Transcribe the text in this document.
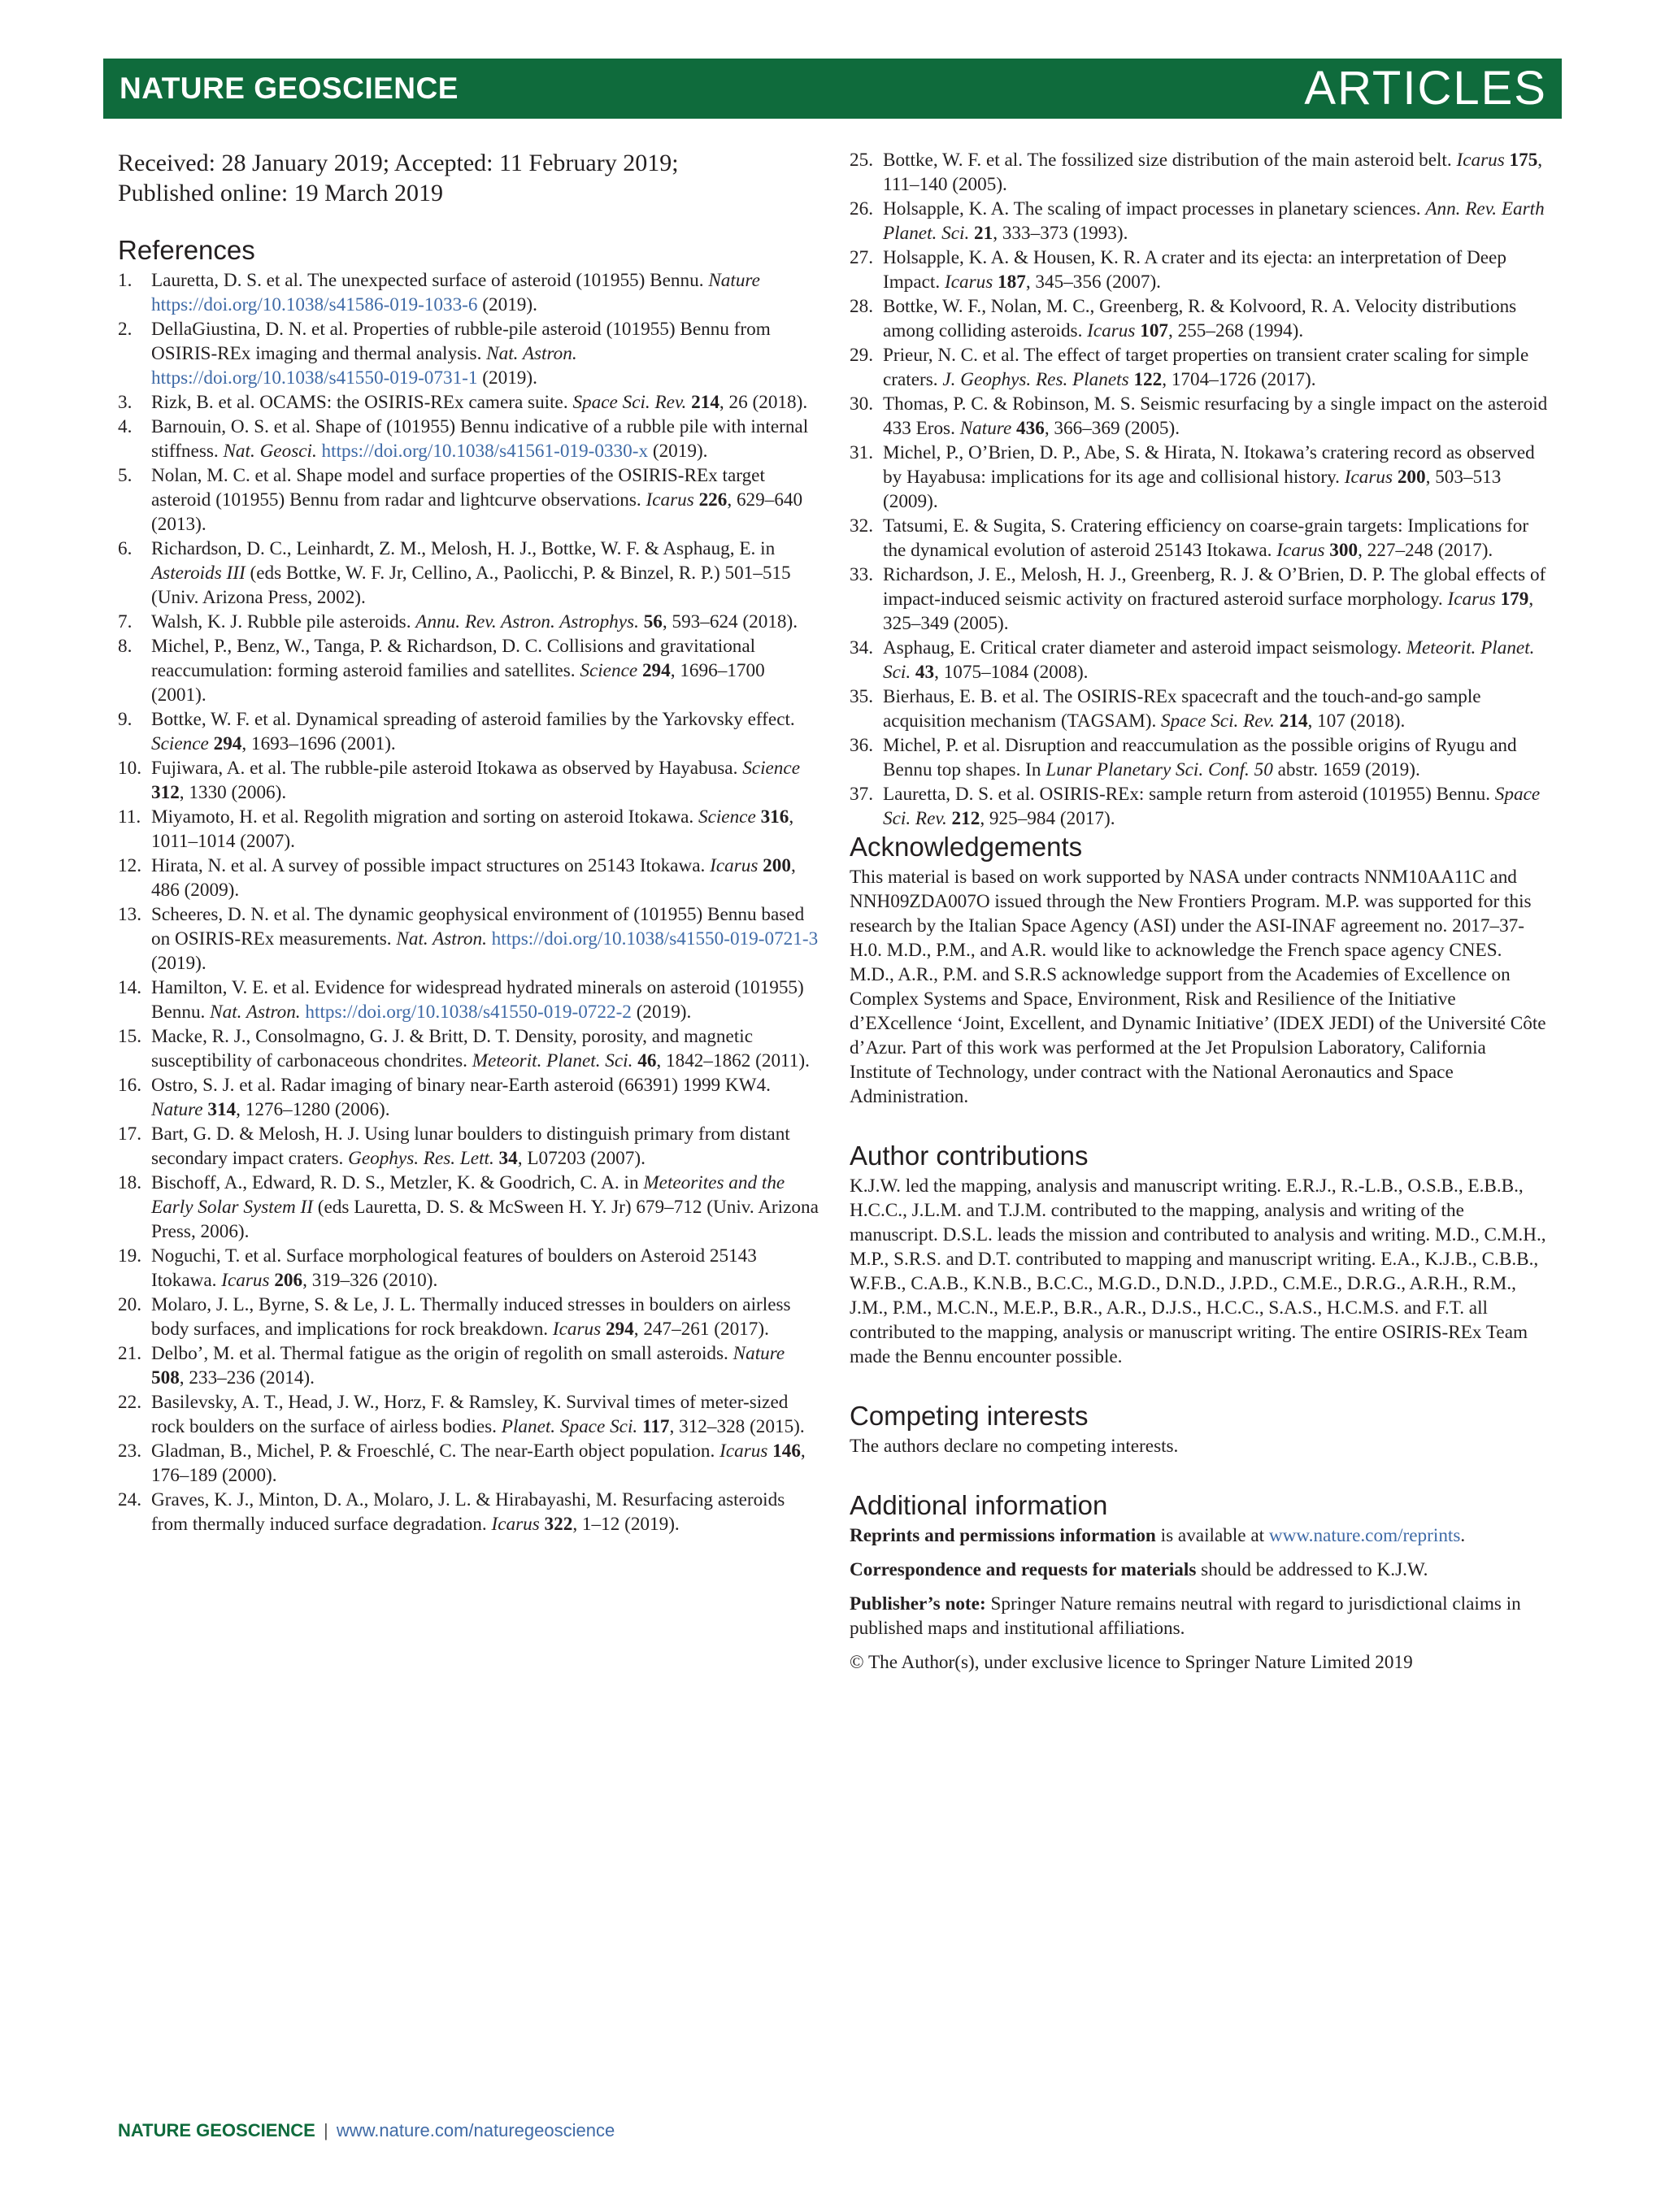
NATURE GEOSCIENCE	ARTICLES
Received: 28 January 2019; Accepted: 11 February 2019;
Published online: 19 March 2019
References
1. Lauretta, D. S. et al. The unexpected surface of asteroid (101955) Bennu. Nature https://doi.org/10.1038/s41586-019-1033-6 (2019).
2. DellaGiustina, D. N. et al. Properties of rubble-pile asteroid (101955) Bennu from OSIRIS-REx imaging and thermal analysis. Nat. Astron. https://doi.org/10.1038/s41550-019-0731-1 (2019).
3. Rizk, B. et al. OCAMS: the OSIRIS-REx camera suite. Space Sci. Rev. 214, 26 (2018).
4. Barnouin, O. S. et al. Shape of (101955) Bennu indicative of a rubble pile with internal stiffness. Nat. Geosci. https://doi.org/10.1038/s41561-019-0330-x (2019).
5. Nolan, M. C. et al. Shape model and surface properties of the OSIRIS-REx target asteroid (101955) Bennu from radar and lightcurve observations. Icarus 226, 629–640 (2013).
6. Richardson, D. C., Leinhardt, Z. M., Melosh, H. J., Bottke, W. F. & Asphaug, E. in Asteroids III (eds Bottke, W. F. Jr, Cellino, A., Paolicchi, P. & Binzel, R. P.) 501–515 (Univ. Arizona Press, 2002).
7. Walsh, K. J. Rubble pile asteroids. Annu. Rev. Astron. Astrophys. 56, 593–624 (2018).
8. Michel, P., Benz, W., Tanga, P. & Richardson, D. C. Collisions and gravitational reaccumulation: forming asteroid families and satellites. Science 294, 1696–1700 (2001).
9. Bottke, W. F. et al. Dynamical spreading of asteroid families by the Yarkovsky effect. Science 294, 1693–1696 (2001).
10. Fujiwara, A. et al. The rubble-pile asteroid Itokawa as observed by Hayabusa. Science 312, 1330 (2006).
11. Miyamoto, H. et al. Regolith migration and sorting on asteroid Itokawa. Science 316, 1011–1014 (2007).
12. Hirata, N. et al. A survey of possible impact structures on 25143 Itokawa. Icarus 200, 486 (2009).
13. Scheeres, D. N. et al. The dynamic geophysical environment of (101955) Bennu based on OSIRIS-REx measurements. Nat. Astron. https://doi.org/10.1038/s41550-019-0721-3 (2019).
14. Hamilton, V. E. et al. Evidence for widespread hydrated minerals on asteroid (101955) Bennu. Nat. Astron. https://doi.org/10.1038/s41550-019-0722-2 (2019).
15. Macke, R. J., Consolmagno, G. J. & Britt, D. T. Density, porosity, and magnetic susceptibility of carbonaceous chondrites. Meteorit. Planet. Sci. 46, 1842–1862 (2011).
16. Ostro, S. J. et al. Radar imaging of binary near-Earth asteroid (66391) 1999 KW4. Nature 314, 1276–1280 (2006).
17. Bart, G. D. & Melosh, H. J. Using lunar boulders to distinguish primary from distant secondary impact craters. Geophys. Res. Lett. 34, L07203 (2007).
18. Bischoff, A., Edward, R. D. S., Metzler, K. & Goodrich, C. A. in Meteorites and the Early Solar System II (eds Lauretta, D. S. & McSween H. Y. Jr) 679–712 (Univ. Arizona Press, 2006).
19. Noguchi, T. et al. Surface morphological features of boulders on Asteroid 25143 Itokawa. Icarus 206, 319–326 (2010).
20. Molaro, J. L., Byrne, S. & Le, J. L. Thermally induced stresses in boulders on airless body surfaces, and implications for rock breakdown. Icarus 294, 247–261 (2017).
21. Delbo’, M. et al. Thermal fatigue as the origin of regolith on small asteroids. Nature 508, 233–236 (2014).
22. Basilevsky, A. T., Head, J. W., Horz, F. & Ramsley, K. Survival times of meter-sized rock boulders on the surface of airless bodies. Planet. Space Sci. 117, 312–328 (2015).
23. Gladman, B., Michel, P. & Froeschlé, C. The near-Earth object population. Icarus 146, 176–189 (2000).
24. Graves, K. J., Minton, D. A., Molaro, J. L. & Hirabayashi, M. Resurfacing asteroids from thermally induced surface degradation. Icarus 322, 1–12 (2019).
25. Bottke, W. F. et al. The fossilized size distribution of the main asteroid belt. Icarus 175, 111–140 (2005).
26. Holsapple, K. A. The scaling of impact processes in planetary sciences. Ann. Rev. Earth Planet. Sci. 21, 333–373 (1993).
27. Holsapple, K. A. & Housen, K. R. A crater and its ejecta: an interpretation of Deep Impact. Icarus 187, 345–356 (2007).
28. Bottke, W. F., Nolan, M. C., Greenberg, R. & Kolvoord, R. A. Velocity distributions among colliding asteroids. Icarus 107, 255–268 (1994).
29. Prieur, N. C. et al. The effect of target properties on transient crater scaling for simple craters. J. Geophys. Res. Planets 122, 1704–1726 (2017).
30. Thomas, P. C. & Robinson, M. S. Seismic resurfacing by a single impact on the asteroid 433 Eros. Nature 436, 366–369 (2005).
31. Michel, P., O’Brien, D. P., Abe, S. & Hirata, N. Itokawa’s cratering record as observed by Hayabusa: implications for its age and collisional history. Icarus 200, 503–513 (2009).
32. Tatsumi, E. & Sugita, S. Cratering efficiency on coarse-grain targets: Implications for the dynamical evolution of asteroid 25143 Itokawa. Icarus 300, 227–248 (2017).
33. Richardson, J. E., Melosh, H. J., Greenberg, R. J. & O’Brien, D. P. The global effects of impact-induced seismic activity on fractured asteroid surface morphology. Icarus 179, 325–349 (2005).
34. Asphaug, E. Critical crater diameter and asteroid impact seismology. Meteorit. Planet. Sci. 43, 1075–1084 (2008).
35. Bierhaus, E. B. et al. The OSIRIS-REx spacecraft and the touch-and-go sample acquisition mechanism (TAGSAM). Space Sci. Rev. 214, 107 (2018).
36. Michel, P. et al. Disruption and reaccumulation as the possible origins of Ryugu and Bennu top shapes. In Lunar Planetary Sci. Conf. 50 abstr. 1659 (2019).
37. Lauretta, D. S. et al. OSIRIS-REx: sample return from asteroid (101955) Bennu. Space Sci. Rev. 212, 925–984 (2017).
Acknowledgements

This material is based on work supported by NASA under contracts NNM10AA11C and NNH09ZDA007O issued through the New Frontiers Program. M.P. was supported for this research by the Italian Space Agency (ASI) under the ASI-INAF agreement no. 2017–37-H.0. M.D., P.M., and A.R. would like to acknowledge the French space agency CNES. M.D., A.R., P.M. and S.R.S acknowledge support from the Academies of Excellence on Complex Systems and Space, Environment, Risk and Resilience of the Initiative d’EXcellence ‘Joint, Excellent, and Dynamic Initiative’ (IDEX JEDI) of the Université Côte d’Azur. Part of this work was performed at the Jet Propulsion Laboratory, California Institute of Technology, under contract with the National Aeronautics and Space Administration.

Author contributions

K.J.W. led the mapping, analysis and manuscript writing. E.R.J., R.-L.B., O.S.B., E.B.B., H.C.C., J.L.M. and T.J.M. contributed to the mapping, analysis and writing of the manuscript. D.S.L. leads the mission and contributed to analysis and writing. M.D., C.M.H., M.P., S.R.S. and D.T. contributed to mapping and manuscript writing. E.A., K.J.B., C.B.B., W.F.B., C.A.B., K.N.B., B.C.C., M.G.D., D.N.D., J.P.D., C.M.E., D.R.G., A.R.H., R.M., J.M., P.M., M.C.N., M.E.P., B.R., A.R., D.J.S., H.C.C., S.A.S., H.C.M.S. and F.T. all contributed to the mapping, analysis or manuscript writing. The entire OSIRIS-REx Team made the Bennu encounter possible.

Competing interests

The authors declare no competing interests.

Additional information

Reprints and permissions information is available at www.nature.com/reprints.

Correspondence and requests for materials should be addressed to K.J.W.

Publisher’s note: Springer Nature remains neutral with regard to jurisdictional claims in published maps and institutional affiliations.

© The Author(s), under exclusive licence to Springer Nature Limited 2019

NATURE GEOSCIENCE | www.nature.com/naturegeoscience
